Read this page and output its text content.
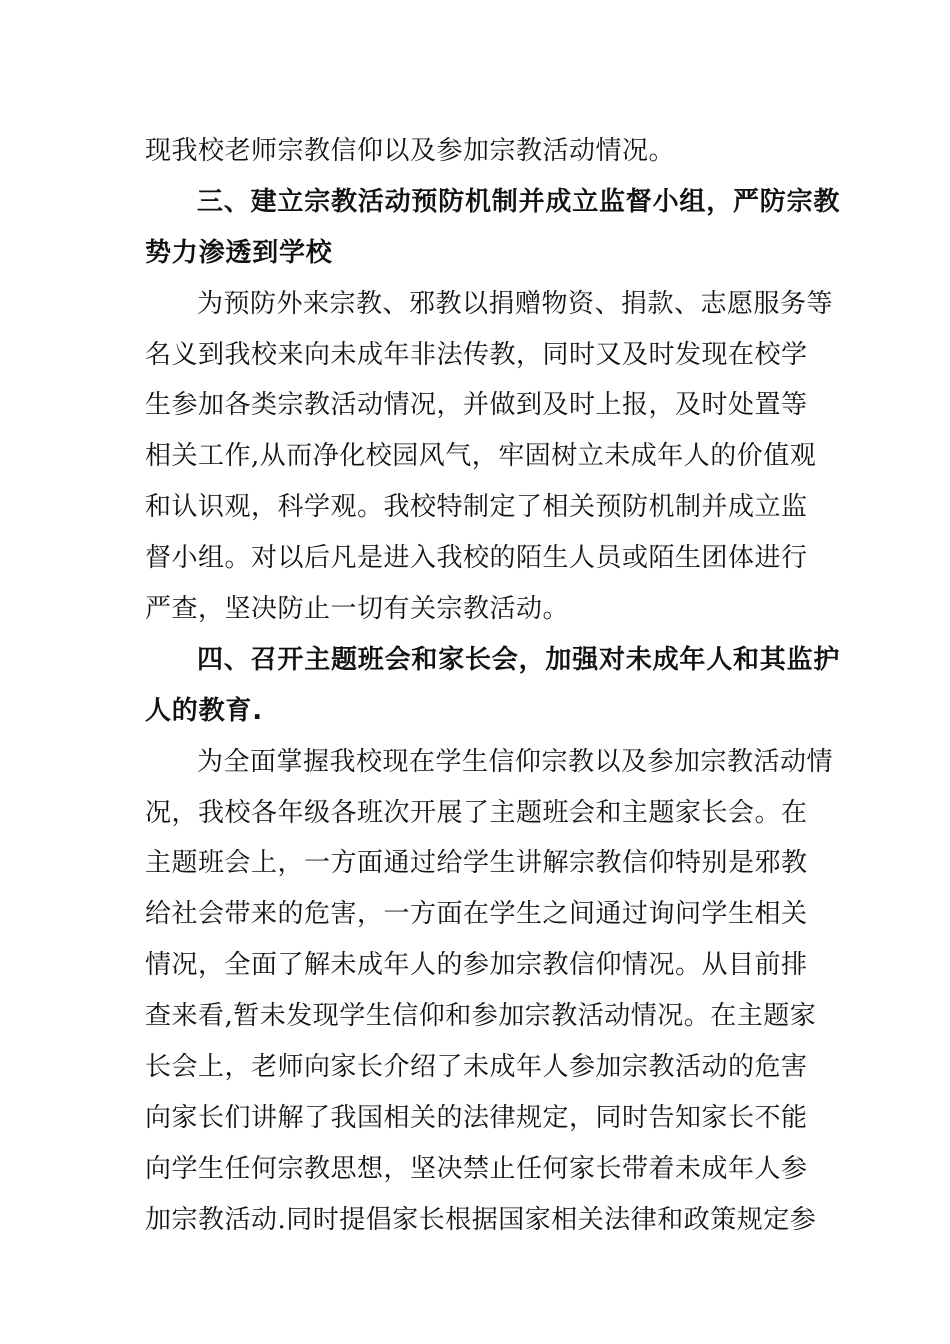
现我校老师宗教信仰以及参加宗教活动情况。
三、建立宗教活动预防机制并成立监督小组，严防宗教
势力渗透到学校
为预防外来宗教、邪教以捐赠物资、捐款、志愿服务等
名义到我校来向未成年非法传教，同时又及时发现在校学
生参加各类宗教活动情况，并做到及时上报，及时处置等
相关工作,从而净化校园风气，牢固树立未成年人的价值观
和认识观，科学观。我校特制定了相关预防机制并成立监
督小组。对以后凡是进入我校的陌生人员或陌生团体进行
严查，坚决防止一切有关宗教活动。
四、召开主题班会和家长会，加强对未成年人和其监护
人的教育.
为全面掌握我校现在学生信仰宗教以及参加宗教活动情
况，我校各年级各班次开展了主题班会和主题家长会。在
主题班会上，一方面通过给学生讲解宗教信仰特别是邪教
给社会带来的危害，一方面在学生之间通过询问学生相关
情况，全面了解未成年人的参加宗教信仰情况。从目前排
查来看,暂未发现学生信仰和参加宗教活动情况。在主题家
长会上，老师向家长介绍了未成年人参加宗教活动的危害
向家长们讲解了我国相关的法律规定，同时告知家长不能
向学生任何宗教思想，坚决禁止任何家长带着未成年人参
加宗教活动.同时提倡家长根据国家相关法律和政策规定参
